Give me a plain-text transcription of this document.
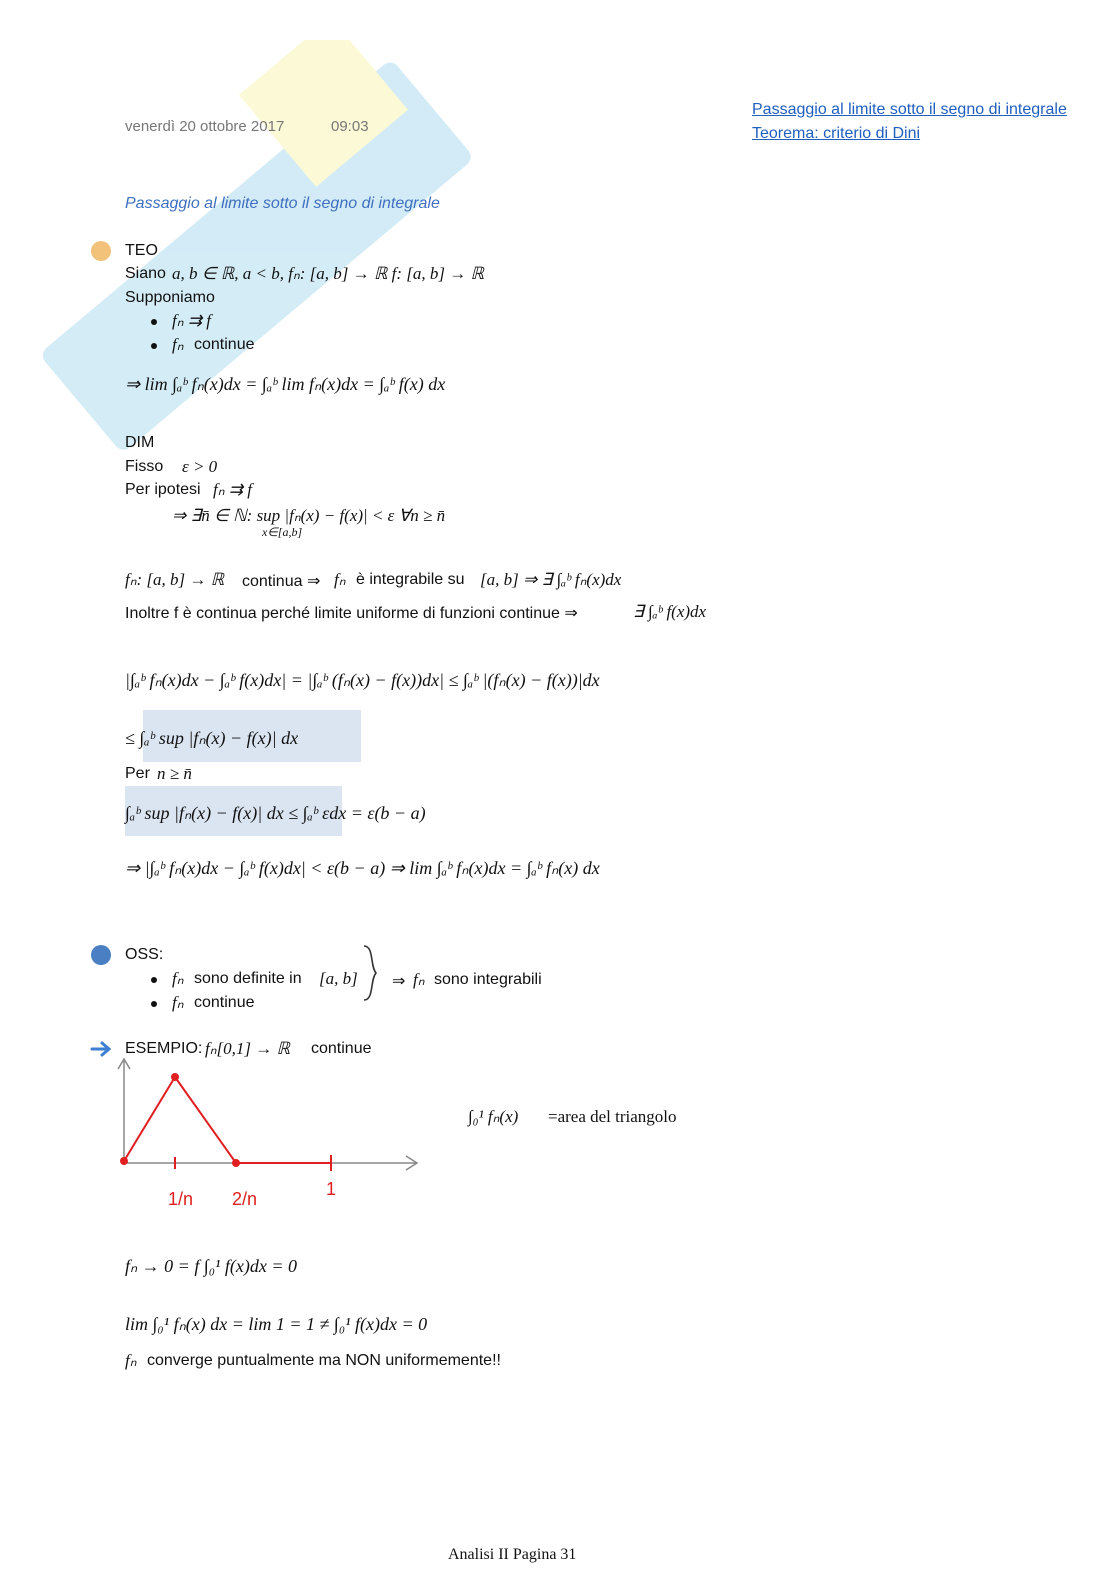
venerdì 20 ottobre 2017	09:03
Passaggio al limite sotto il segno di integrale
Teorema: criterio di Dini
Passaggio al limite sotto il segno di integrale
TEO
Siano a, b ∈ ℝ, a < b, fₙ: [a, b] → ℝ f: [a, b] → ℝ
Supponiamo
fₙ ⇉ f
fₙ continue
⇒ lim ∫ₐᵇ fₙ(x)dx = ∫ₐᵇ lim fₙ(x)dx = ∫ₐᵇ f(x) dx
DIM
Fisso ε > 0
Per ipotesi fₙ ⇉ f
⇒ ∃n̄ ∈ ℕ: sup |fₙ(x) − f(x)| < ε ∀n ≥ n̄
x∈[a,b]
fₙ: [a, b] → ℝ continua ⇒ fₙ è integrabile su [a, b] ⇒ ∃ ∫ₐᵇ fₙ(x)dx
Inoltre f è continua perché limite uniforme di funzioni continue ⇒	∃ ∫ₐᵇ f(x)dx
|∫ₐᵇ fₙ(x)dx − ∫ₐᵇ f(x)dx| = |∫ₐᵇ (fₙ(x) − f(x))dx| ≤ ∫ₐᵇ |(fₙ(x) − f(x))|dx
≤ ∫ₐᵇ sup |fₙ(x) − f(x)| dx
Per n ≥ n̄
∫ₐᵇ sup |fₙ(x) − f(x)| dx ≤ ∫ₐᵇ εdx = ε(b − a)
⇒ |∫ₐᵇ fₙ(x)dx − ∫ₐᵇ f(x)dx| < ε(b − a) ⇒ lim ∫ₐᵇ fₙ(x)dx = ∫ₐᵇ fₙ(x) dx
OSS:
fₙ sono definite in [a, b]
fₙ continue
⇒ fₙ sono integrabili
ESEMPIO: fₙ[0,1] → ℝ continue
1/n 2/n	1
∫₀¹ fₙ(x) =area del triangolo
fₙ → 0 = f ∫₀¹ f(x)dx = 0
lim ∫₀¹ fₙ(x) dx = lim 1 = 1 ≠ ∫₀¹ f(x)dx = 0
fₙ converge puntualmente ma NON uniformemente!!
Analisi II Pagina 31
